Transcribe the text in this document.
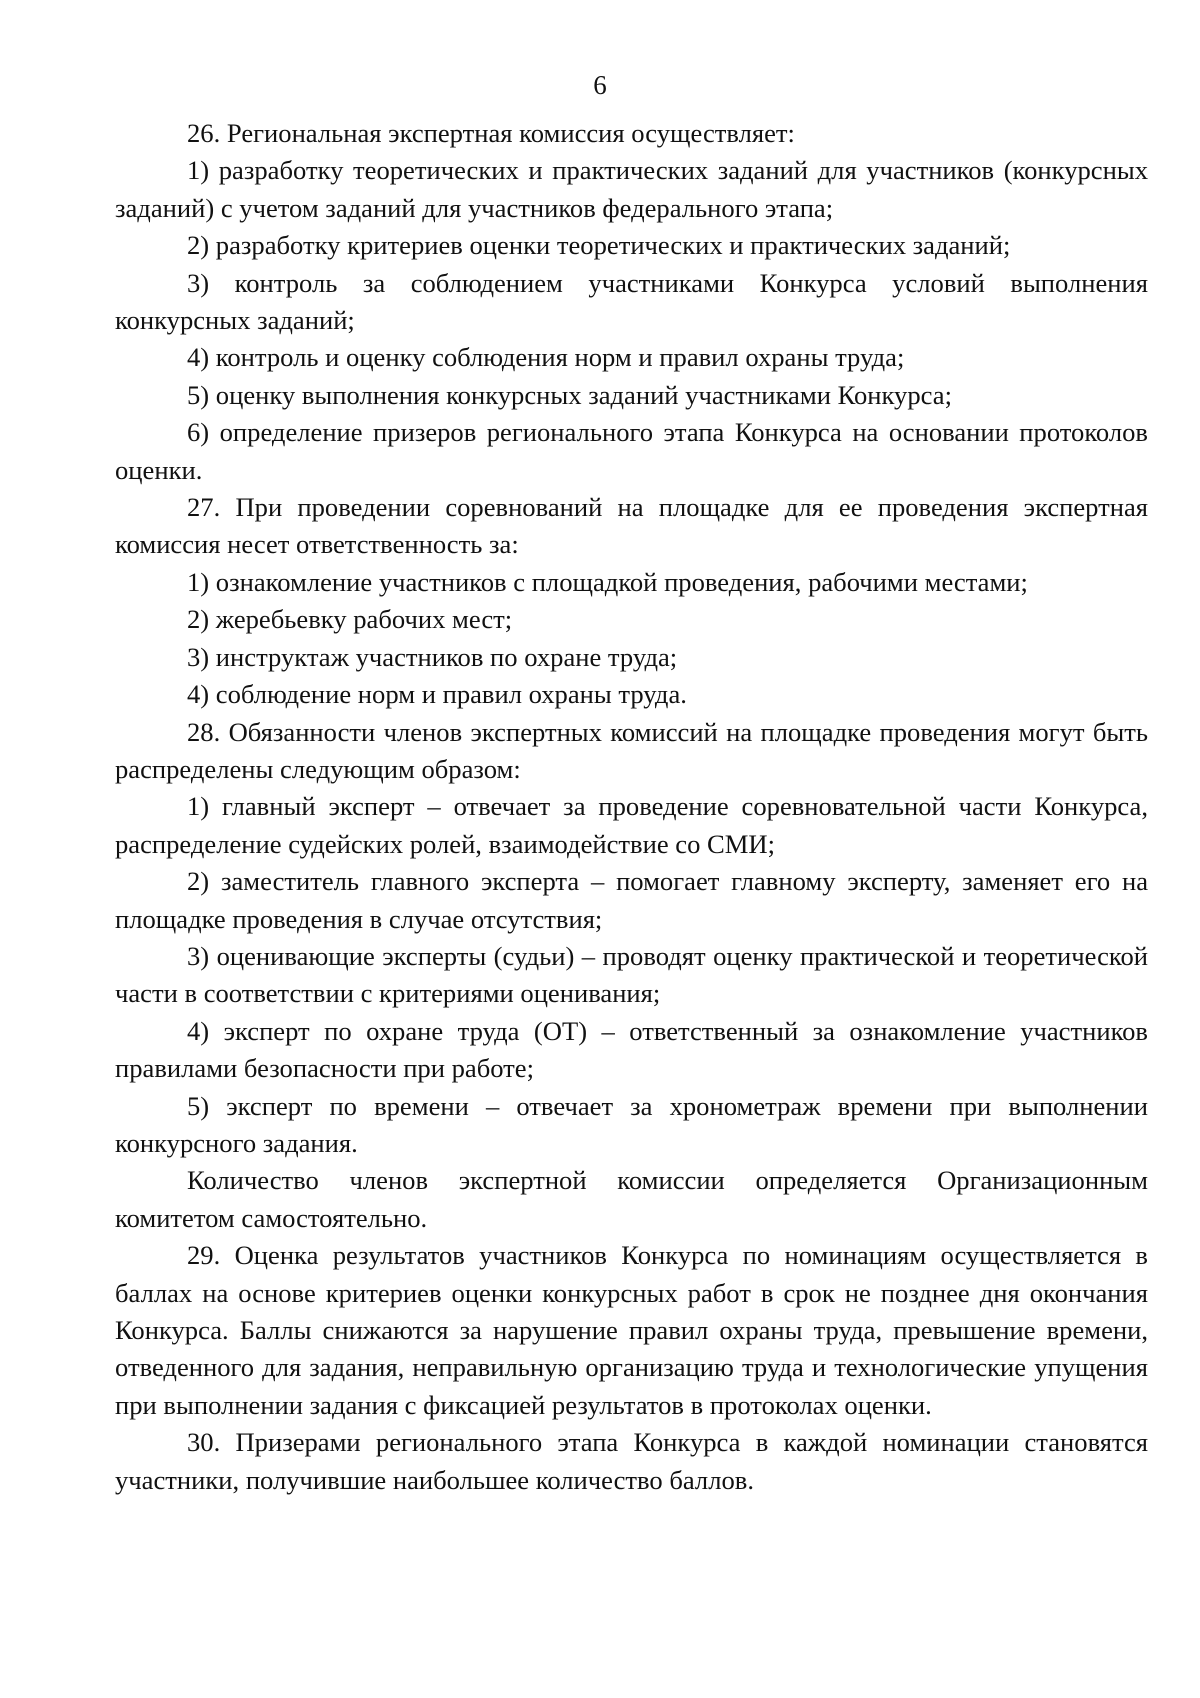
6

26. Региональная экспертная комиссия осуществляет:

1) разработку теоретических и практических заданий для участников (конкурсных заданий) с учетом заданий для участников федерального этапа;

2) разработку критериев оценки теоретических и практических заданий;

3) контроль за соблюдением участниками Конкурса условий выполнения конкурсных заданий;

4) контроль и оценку соблюдения норм и правил охраны труда;

5) оценку выполнения конкурсных заданий участниками Конкурса;

6) определение призеров регионального этапа Конкурса на основании протоколов оценки.

27. При проведении соревнований на площадке для ее проведения экспертная комиссия несет ответственность за:

1) ознакомление участников с площадкой проведения, рабочими местами;

2) жеребьевку рабочих мест;

3) инструктаж участников по охране труда;

4) соблюдение норм и правил охраны труда.

28. Обязанности членов экспертных комиссий на площадке проведения могут быть распределены следующим образом:

1) главный эксперт – отвечает за проведение соревновательной части Конкурса, распределение судейских ролей, взаимодействие со СМИ;

2) заместитель главного эксперта – помогает главному эксперту, заменяет его на площадке проведения в случае отсутствия;

3) оценивающие эксперты (судьи) – проводят оценку практической и теоретической части в соответствии с критериями оценивания;

4) эксперт по охране труда (ОТ) – ответственный за ознакомление участников правилами безопасности при работе;

5) эксперт по времени – отвечает за хронометраж времени при выполнении конкурсного задания.

Количество членов экспертной комиссии определяется Организационным комитетом самостоятельно.

29. Оценка результатов участников Конкурса по номинациям осуществляется в баллах на основе критериев оценки конкурсных работ в срок не позднее дня окончания Конкурса. Баллы снижаются за нарушение правил охраны труда, превышение времени, отведенного для задания, неправильную организацию труда и технологические упущения при выполнении задания с фиксацией результатов в протоколах оценки.

30. Призерами регионального этапа Конкурса в каждой номинации становятся участники, получившие наибольшее количество баллов.
